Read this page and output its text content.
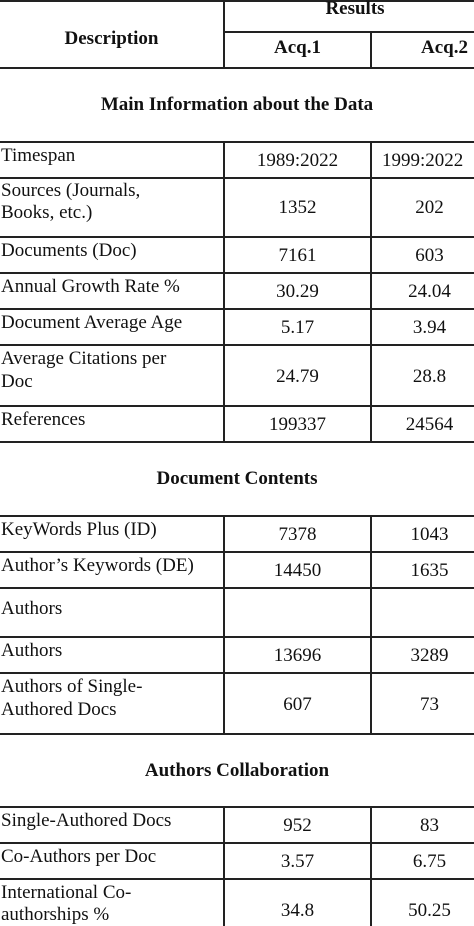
Description
Results
Acq.1	Acq.2
Main Information about the Data
Timespan	1989:2022	1999:2022
Sources (Journals,
Books, etc.)	1352	202
Documents (Doc)	7161	603
Annual Growth Rate %	30.29	24.04
Document Average Age	5.17	3.94
Average Citations per
Doc	24.79	28.8
References	199337	24564
Document Contents
KeyWords Plus (ID)	7378	1043
Author’s Keywords (DE)	14450	1635
Authors
Authors	13696	3289
Authors of Single-
Authored Docs	607	73
Authors Collaboration
Single-Authored Docs	952	83
Co-Authors per Doc	3.57	6.75
International Co-
authorships %	34.8	50.25
